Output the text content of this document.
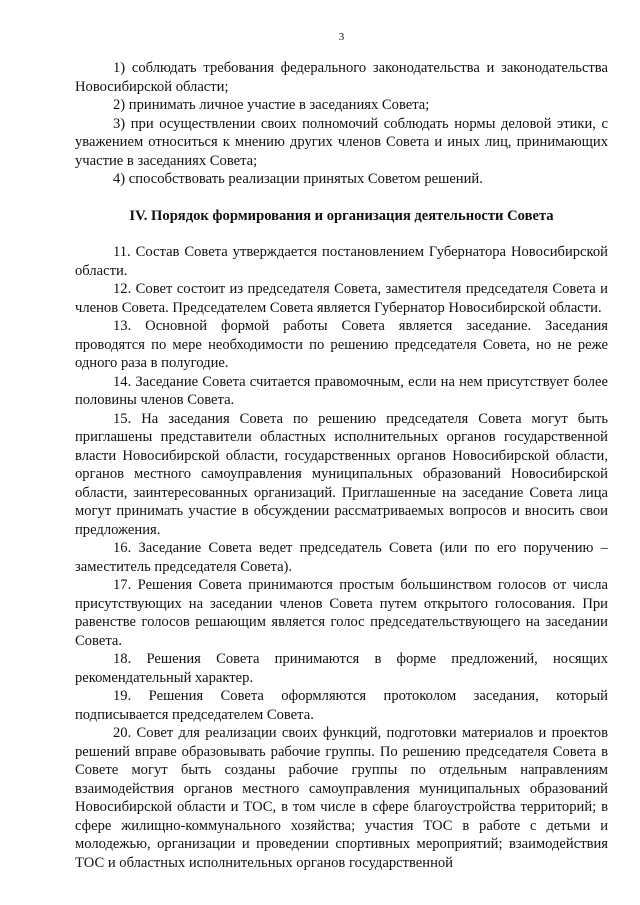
3

1) соблюдать требования федерального законодательства и законодательства Новосибирской области;

2) принимать личное участие в заседаниях Совета;

3) при осуществлении своих полномочий соблюдать нормы деловой этики, с уважением относиться к мнению других членов Совета и иных лиц, принимающих участие в заседаниях Совета;

4) способствовать реализации принятых Советом решений.

IV. Порядок формирования и организация деятельности Совета

11. Состав Совета утверждается постановлением Губернатора Новосибирской области.

12. Совет состоит из председателя Совета, заместителя председателя Совета и членов Совета. Председателем Совета является Губернатор Новосибирской области.

13. Основной формой работы Совета является заседание. Заседания проводятся по мере необходимости по решению председателя Совета, но не реже одного раза в полугодие.

14. Заседание Совета считается правомочным, если на нем присутствует более половины членов Совета.

15. На заседания Совета по решению председателя Совета могут быть приглашены представители областных исполнительных органов государственной власти Новосибирской области, государственных органов Новосибирской области, органов местного самоуправления муниципальных образований Новосибирской области, заинтересованных организаций. Приглашенные на заседание Совета лица могут принимать участие в обсуждении рассматриваемых вопросов и вносить свои предложения.

16. Заседание Совета ведет председатель Совета (или по его поручению – заместитель председателя Совета).

17. Решения Совета принимаются простым большинством голосов от числа присутствующих на заседании членов Совета путем открытого голосования. При равенстве голосов решающим является голос председательствующего на заседании Совета.

18. Решения Совета принимаются в форме предложений, носящих рекомендательный характер.

19. Решения Совета оформляются протоколом заседания, который подписывается председателем Совета.

20. Совет для реализации своих функций, подготовки материалов и проектов решений вправе образовывать рабочие группы. По решению председателя Совета в Совете могут быть созданы рабочие группы по отдельным направлениям взаимодействия органов местного самоуправления муниципальных образований Новосибирской области и ТОС, в том числе в сфере благоустройства территорий; в сфере жилищно-коммунального хозяйства; участия ТОС в работе с детьми и молодежью, организации и проведении спортивных мероприятий; взаимодействия ТОС и областных исполнительных органов государственной
